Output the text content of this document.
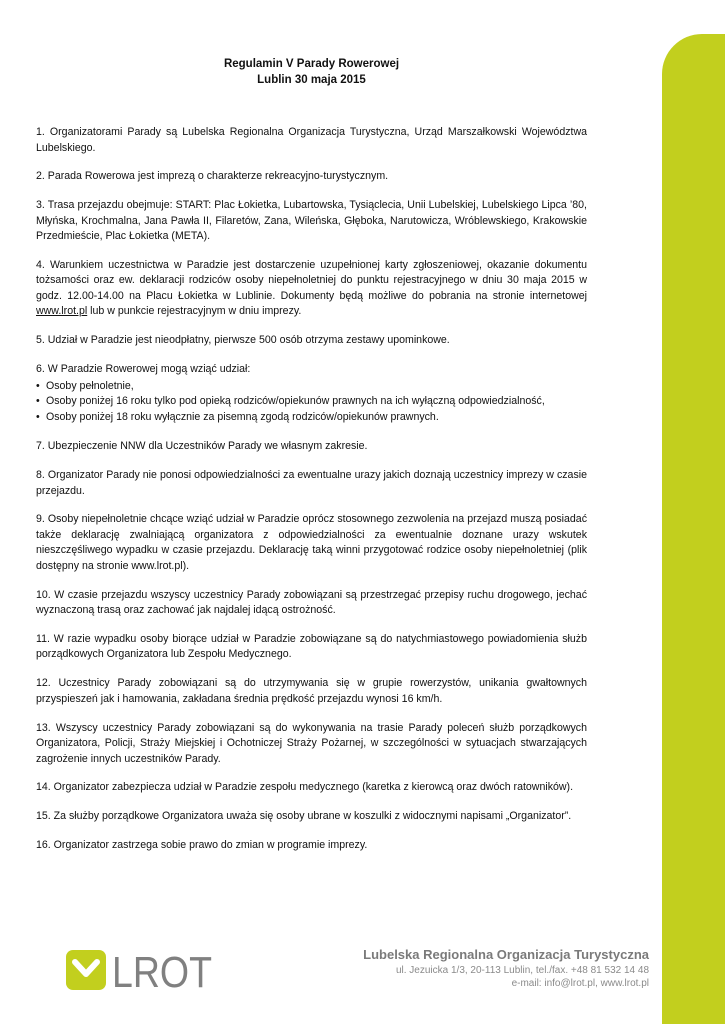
Regulamin V Parady Rowerowej
Lublin 30 maja 2015

1. Organizatorami Parady są Lubelska Regionalna Organizacja Turystyczna, Urząd Marszałkowski Województwa Lubelskiego.

2. Parada Rowerowa jest imprezą o charakterze rekreacyjno-turystycznym.

3. Trasa przejazdu obejmuje: START: Plac Łokietka, Lubartowska, Tysiąclecia, Unii Lubelskiej, Lubelskiego Lipca ’80, Młyńska, Krochmalna, Jana Pawła II, Filaretów, Zana, Wileńska, Głęboka, Narutowicza, Wróblewskiego, Krakowskie Przedmieście, Plac Łokietka (META).

4. Warunkiem uczestnictwa w Paradzie jest dostarczenie uzupełnionej karty zgłoszeniowej, okazanie dokumentu tożsamości oraz ew. deklaracji rodziców osoby niepełnoletniej do punktu rejestracyjnego w dniu 30 maja 2015 w godz. 12.00-14.00 na Placu Łokietka w Lublinie. Dokumenty będą możliwe do pobrania na stronie internetowej www.lrot.pl lub w punkcie rejestracyjnym w dniu imprezy.

5. Udział w Paradzie jest nieodpłatny, pierwsze 500 osób otrzyma zestawy upominkowe.

6. W Paradzie Rowerowej mogą wziąć udział:

• Osoby pełnoletnie,
• Osoby poniżej 16 roku tylko pod opieką rodziców/opiekunów prawnych na ich wyłączną odpowiedzialność,
• Osoby poniżej 18 roku wyłącznie za pisemną zgodą rodziców/opiekunów prawnych.

7. Ubezpieczenie NNW dla Uczestników Parady we własnym zakresie.

8. Organizator Parady nie ponosi odpowiedzialności za ewentualne urazy jakich doznają uczestnicy imprezy w czasie przejazdu.

9. Osoby niepełnoletnie chcące wziąć udział w Paradzie oprócz stosownego zezwolenia na przejazd muszą posiadać także deklarację zwalniającą organizatora z odpowiedzialności za ewentualnie doznane urazy wskutek nieszczęśliwego wypadku w czasie przejazdu. Deklarację taką winni przygotować rodzice osoby niepełnoletniej (plik dostępny na stronie www.lrot.pl).

10. W czasie przejazdu wszyscy uczestnicy Parady zobowiązani są przestrzegać przepisy ruchu drogowego, jechać wyznaczoną trasą oraz zachować jak najdalej idącą ostrożność.

11. W razie wypadku osoby biorące udział w Paradzie zobowiązane są do natychmiastowego powiadomienia służb porządkowych Organizatora lub Zespołu Medycznego.

12. Uczestnicy Parady zobowiązani są do utrzymywania się w grupie rowerzystów, unikania gwałtownych przyspieszeń jak i hamowania, zakładana średnia prędkość przejazdu wynosi 16 km/h.

13. Wszyscy uczestnicy Parady zobowiązani są do wykonywania na trasie Parady poleceń służb porządkowych Organizatora, Policji, Straży Miejskiej i Ochotniczej Straży Pożarnej, w szczególności w sytuacjach stwarzających zagrożenie innych uczestników Parady.

14. Organizator zabezpiecza udział w Paradzie zespołu medycznego (karetka z kierowcą oraz dwóch ratowników).

15. Za służby porządkowe Organizatora uważa się osoby ubrane w koszulki z widocznymi napisami „Organizator”.

16. Organizator zastrzega sobie prawo do zmian w programie imprezy.

LROT	Lubelska Regionalna Organizacja Turystyczna
ul. Jezuicka 1/3, 20-113 Lublin, tel./fax. +48 81 532 14 48
e-mail: info@lrot.pl, www.lrot.pl
